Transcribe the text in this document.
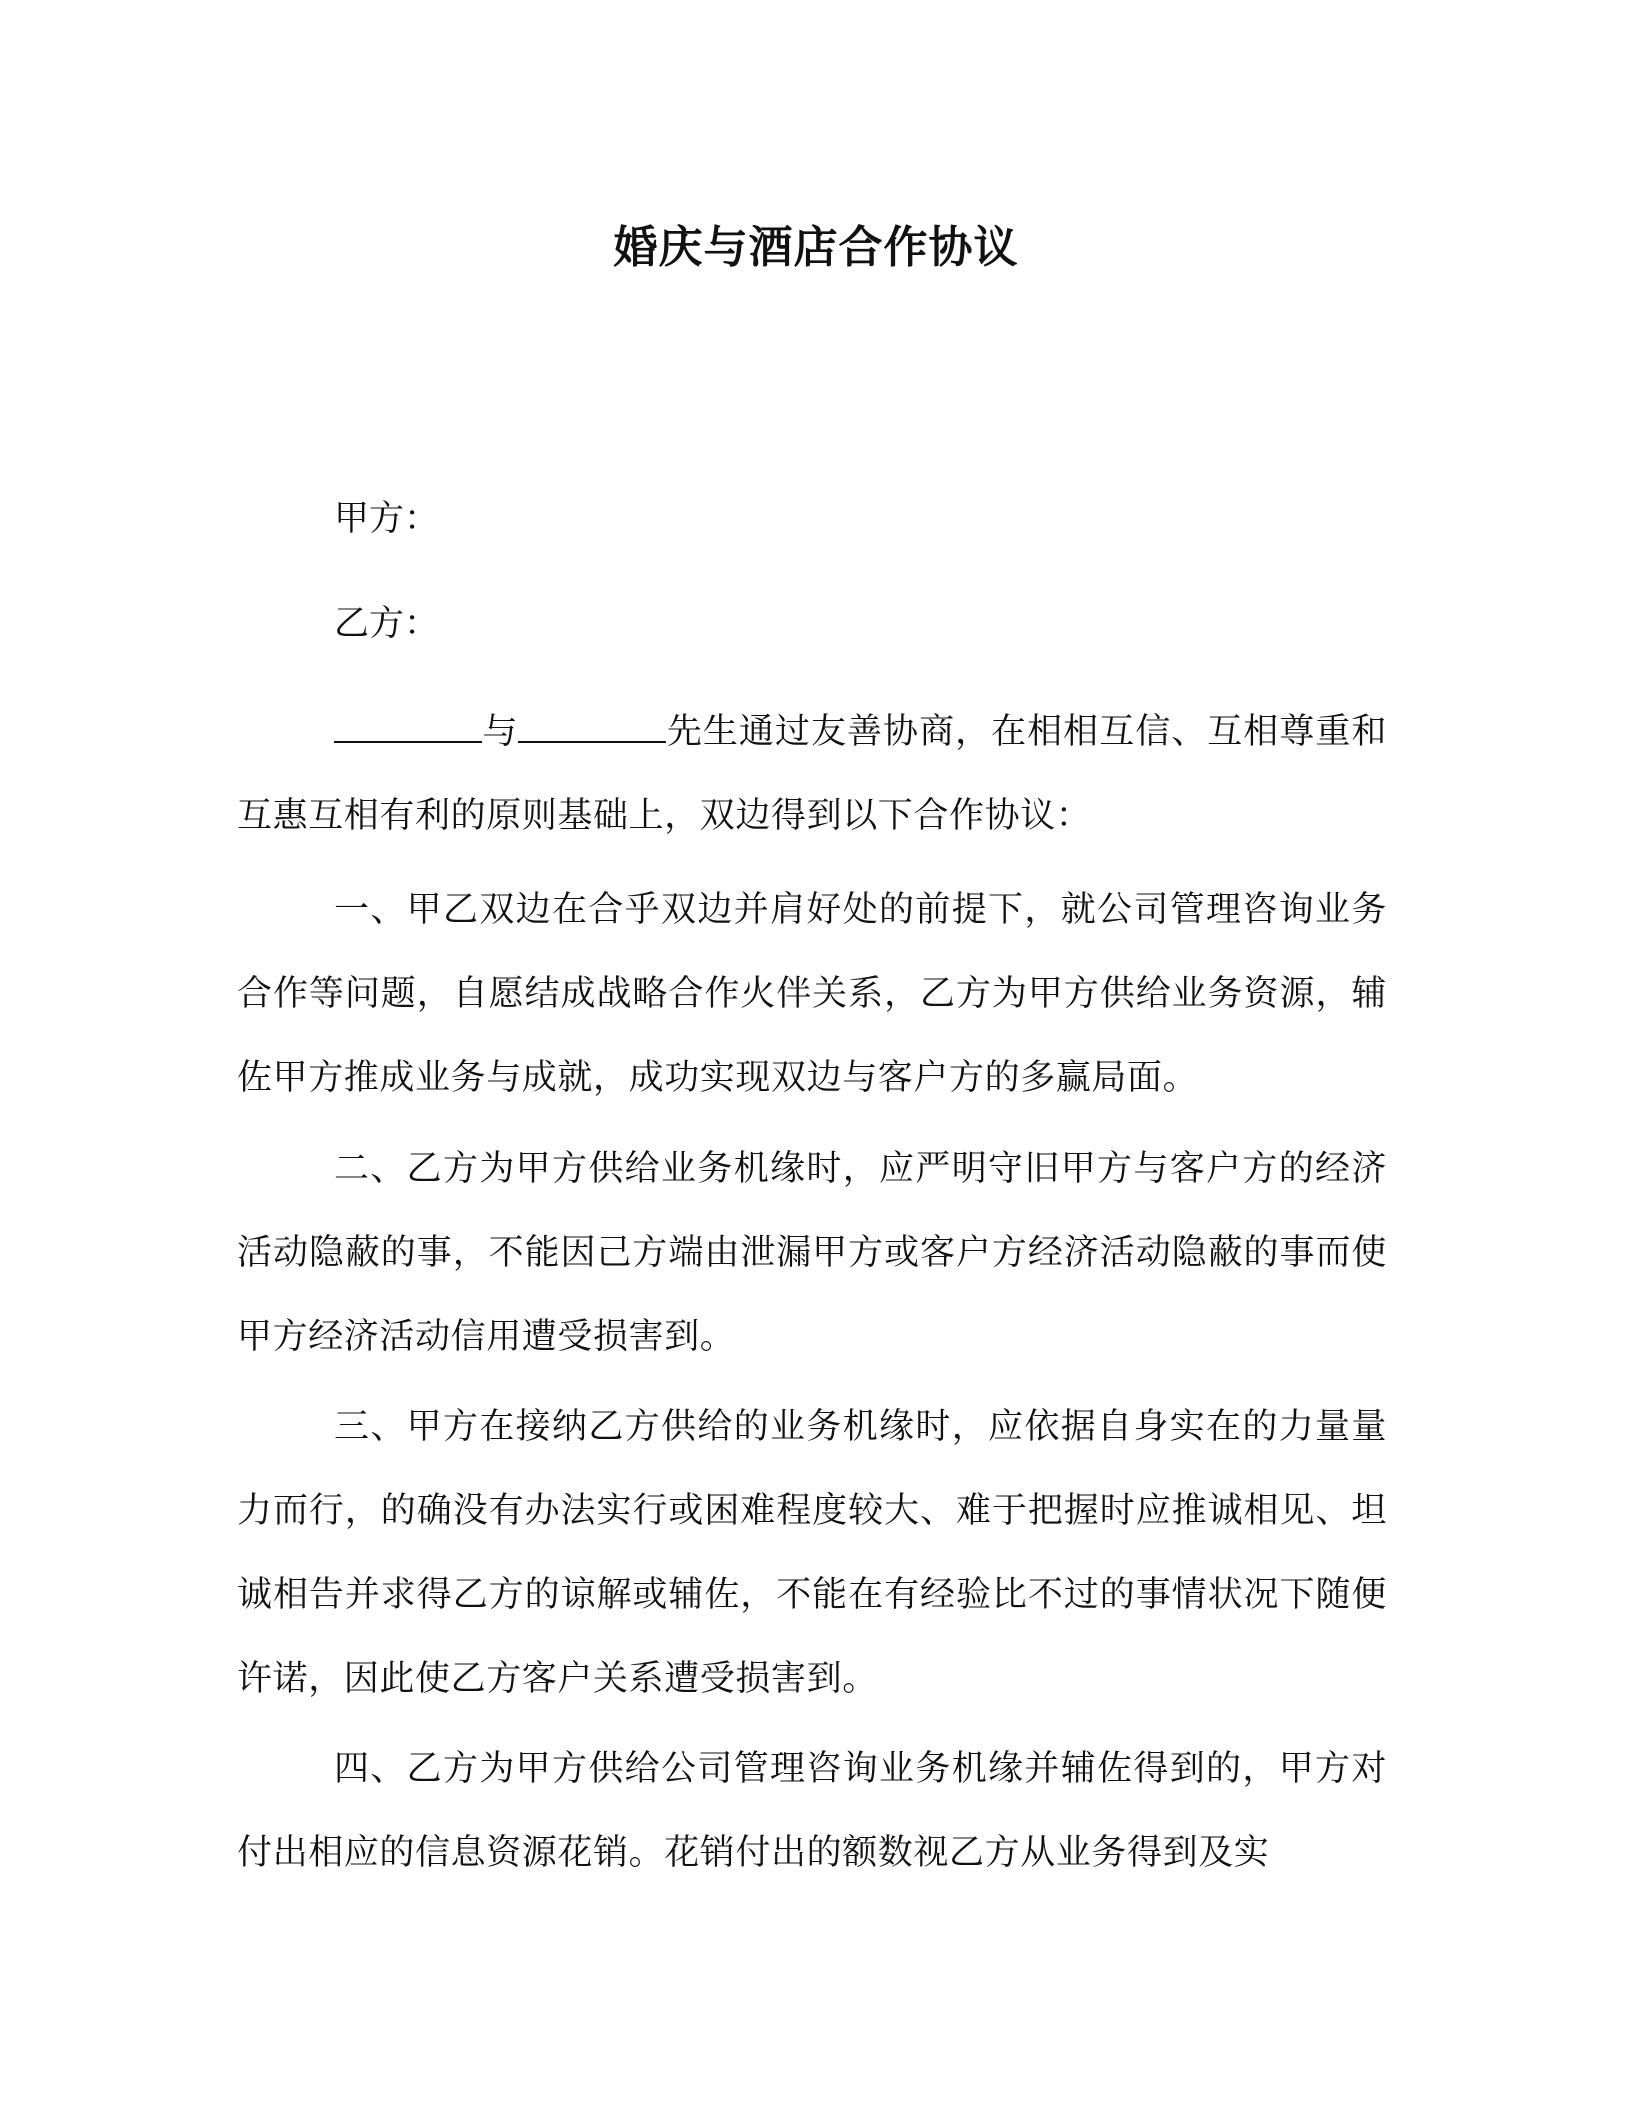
婚庆与酒店合作协议
甲方：
乙方：

与	先生通过友善协商，在相相互信、互相尊重和互惠互相有利的原则基础上，双边得到以下合作协议：

一、甲乙双边在合乎双边并肩好处的前提下，就公司管理咨询业务合作等问题，自愿结成战略合作火伴关系，乙方为甲方供给业务资源，辅佐甲方推成业务与成就，成功实现双边与客户方的多赢局面。

二、乙方为甲方供给业务机缘时，应严明守旧甲方与客户方的经济活动隐蔽的事，不能因己方端由泄漏甲方或客户方经济活动隐蔽的事而使甲方经济活动信用遭受损害到。

三、甲方在接纳乙方供给的业务机缘时，应依据自身实在的力量量力而行，的确没有办法实行或困难程度较大、难于把握时应推诚相见、坦诚相告并求得乙方的谅解或辅佐，不能在有经验比不过的事情状况下随便许诺，因此使乙方客户关系遭受损害到。

四、乙方为甲方供给公司管理咨询业务机缘并辅佐得到的，甲方对付出相应的信息资源花销。花销付出的额数视乙方从业务得到及实
